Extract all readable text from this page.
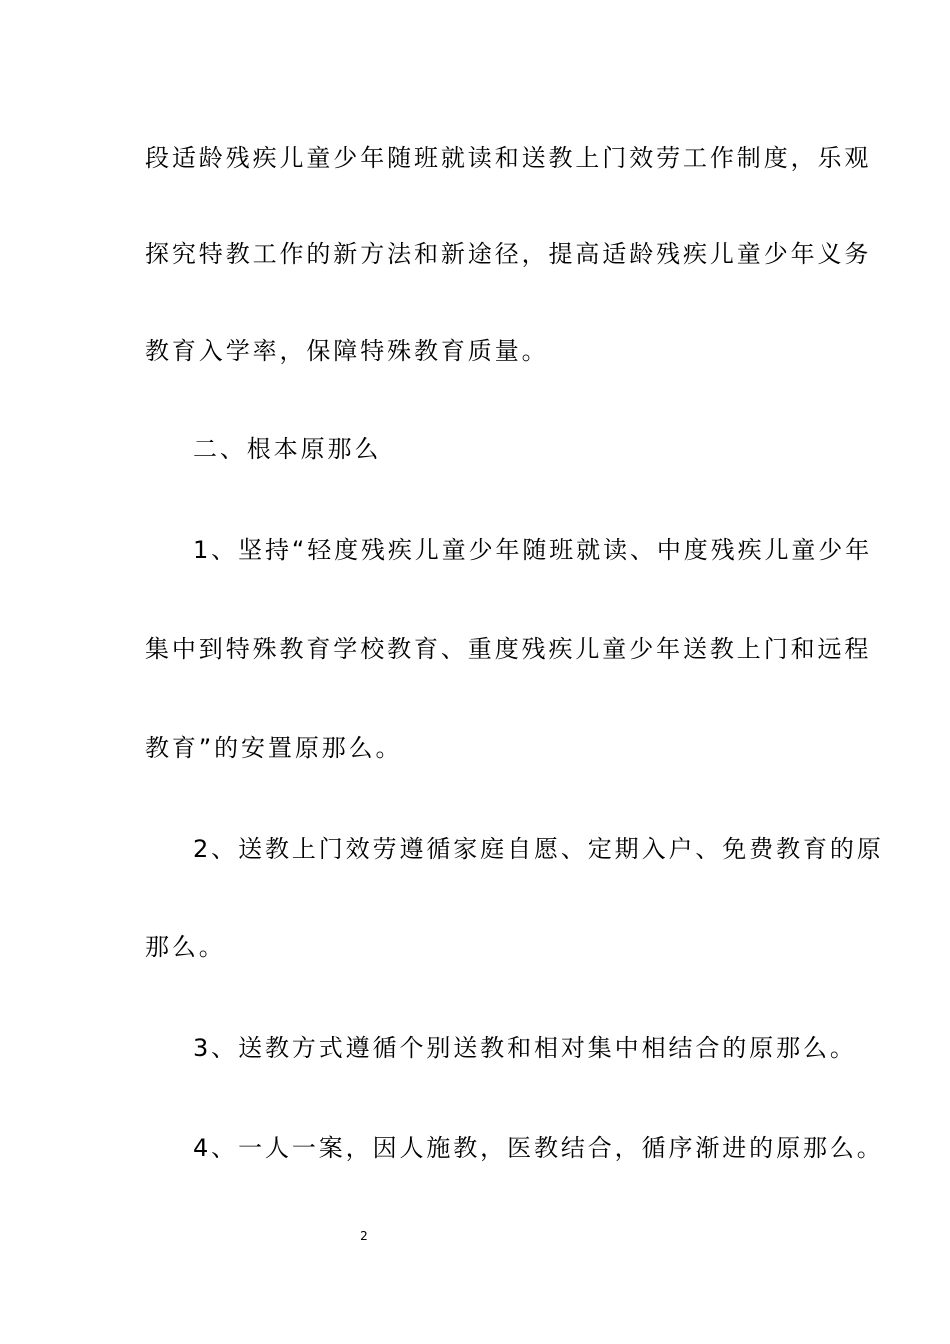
段适龄残疾儿童少年随班就读和送教上门效劳工作制度，乐观
探究特教工作的新方法和新途径，提高适龄残疾儿童少年义务
教育入学率，保障特殊教育质量。
二、根本原那么
1、坚持“轻度残疾儿童少年随班就读、中度残疾儿童少年
集中到特殊教育学校教育、重度残疾儿童少年送教上门和远程
教育”的安置原那么。
2、送教上门效劳遵循家庭自愿、定期入户、免费教育的原
那么。
3、送教方式遵循个别送教和相对集中相结合的原那么。
4、一人一案，因人施教，医教结合，循序渐进的原那么。
2
